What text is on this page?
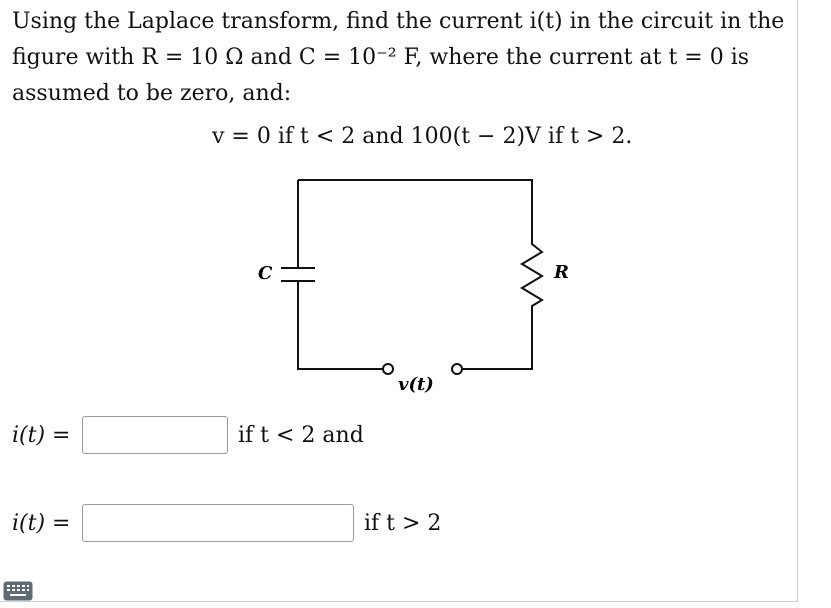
Using the Laplace transform, find the current i(t) in the circuit in the figure with R = 10 Ω and C = 10⁻² F, where the current at t = 0 is assumed to be zero, and:

v = 0 if t < 2 and 100(t − 2)V if t > 2.
C	R
v(t)
i(t) =	if t < 2 and
i(t) =	if t > 2
